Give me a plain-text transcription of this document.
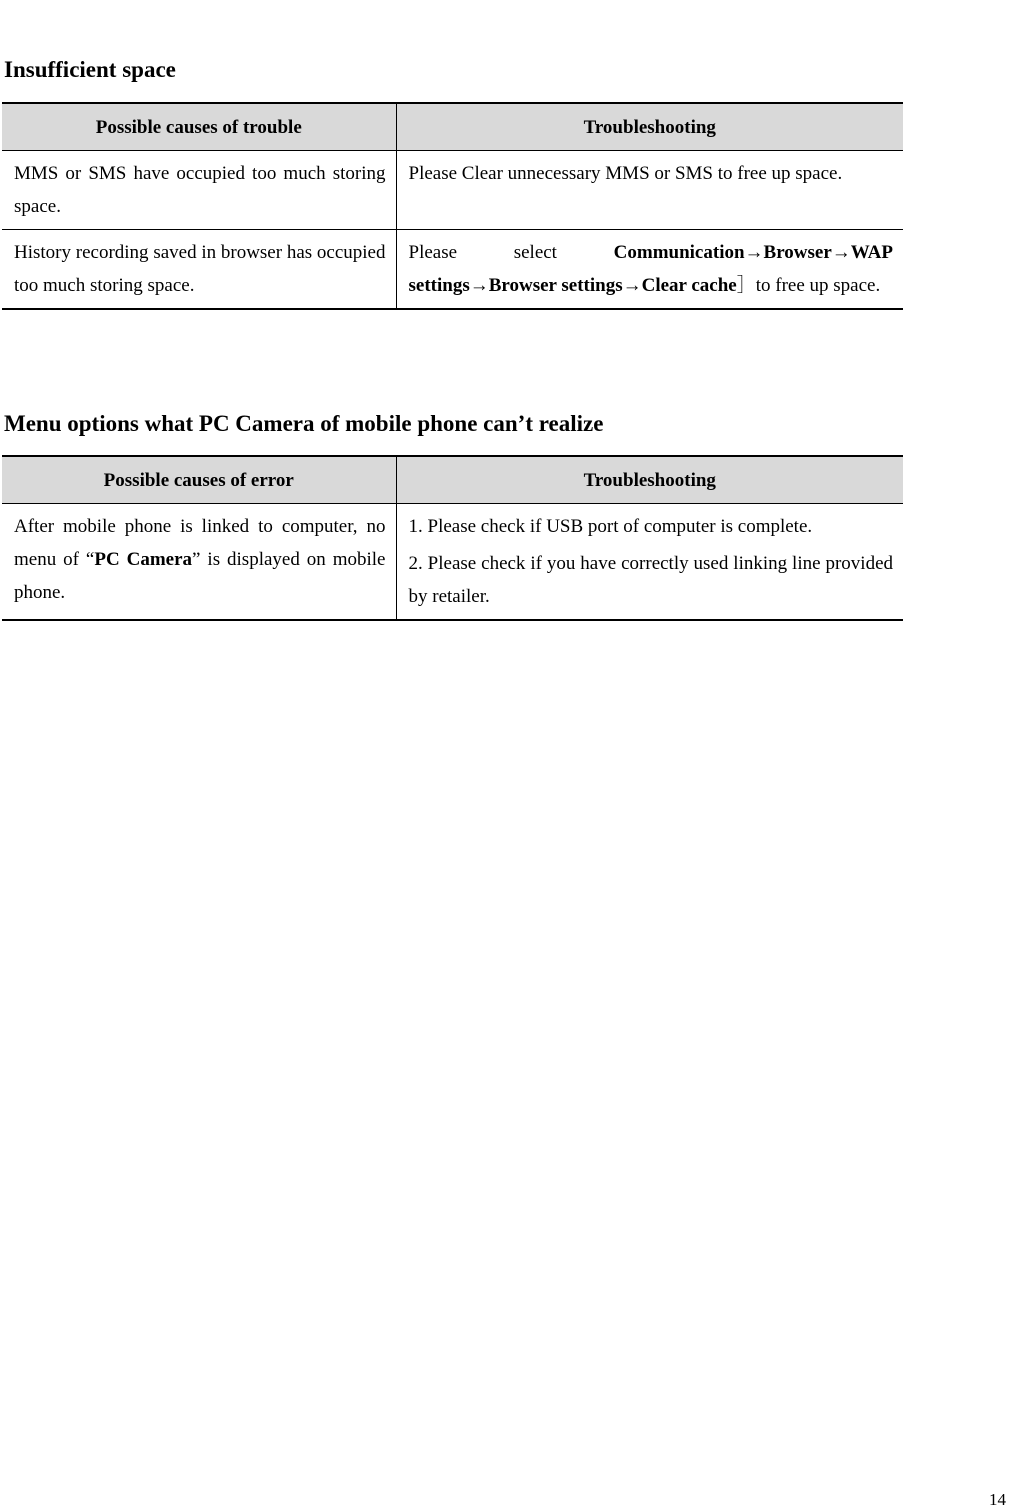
Insufficient space
Possible causes of trouble	Troubleshooting
MMS or SMS have occupied too much storing space.	Please Clear unnecessary MMS or SMS to free up space.
History recording saved in browser has occupied too much storing space.	Please select Communication→Browser→WAP settings→Browser settings→Clear cache］to free up space.
Menu options what PC Camera of mobile phone can’t realize
Possible causes of error	Troubleshooting
After mobile phone is linked to computer, no menu of “PC Camera” is displayed on mobile phone.	1. Please check if USB port of computer is complete.

2. Please check if you have correctly used linking line provided by retailer.

14
